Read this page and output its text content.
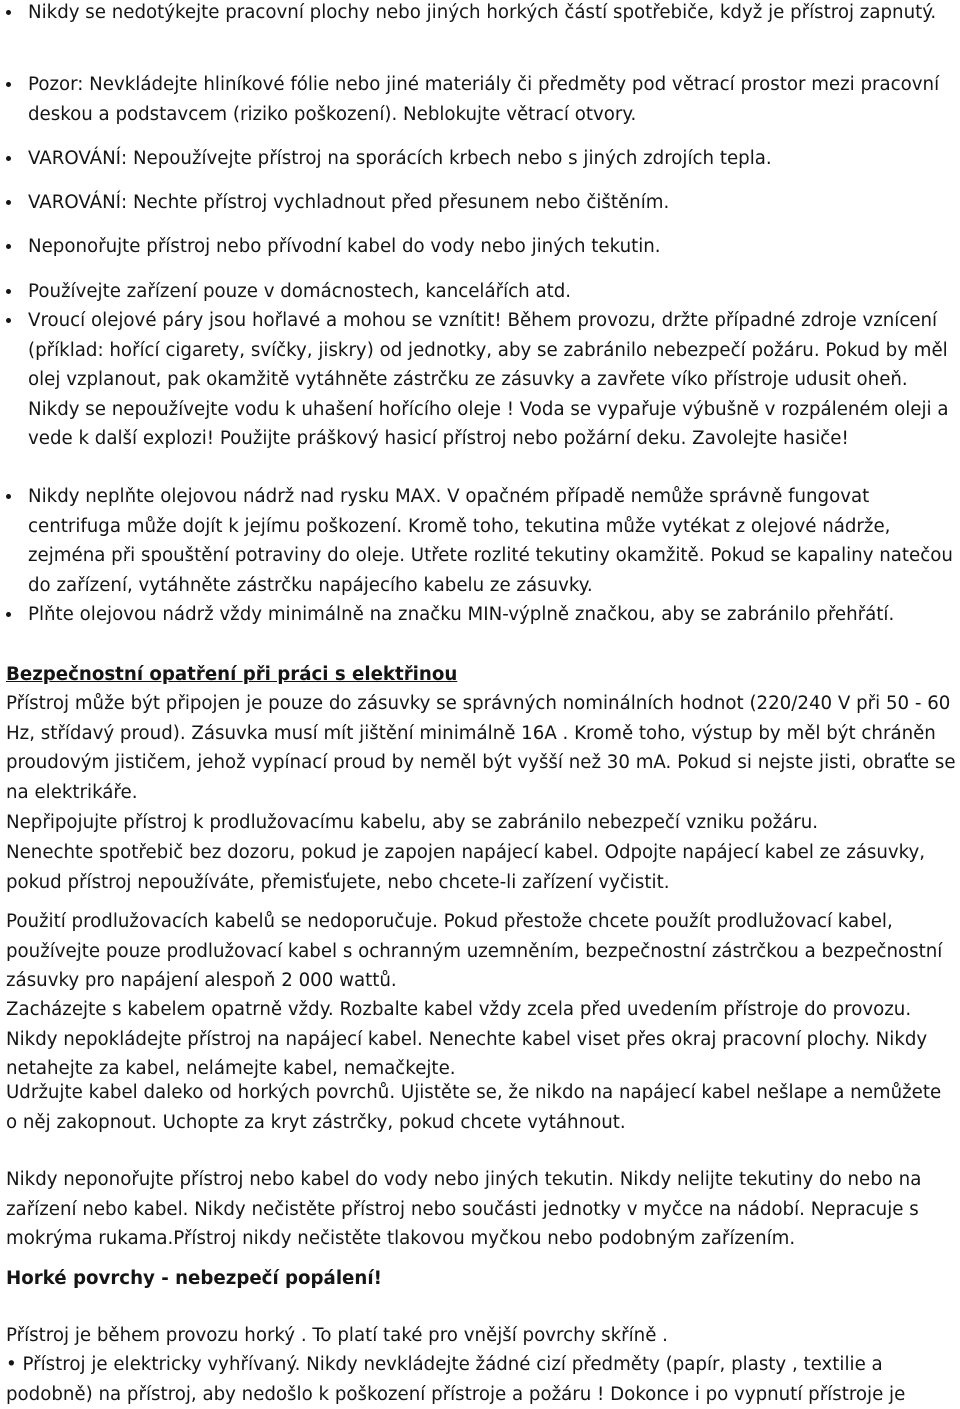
Nikdy se nedotýkejte pracovní plochy nebo jiných horkých částí spotřebiče, když je přístroj zapnutý.
Pozor: Nevkládejte hliníkové fólie nebo jiné materiály či předměty pod větrací prostor mezi pracovní deskou a podstavcem (riziko poškození). Neblokujte větrací otvory.
VAROVÁNÍ: Nepoužívejte přístroj na sporácích krbech nebo s jiných zdrojích tepla.
VAROVÁNÍ: Nechte přístroj vychladnout před přesunem nebo čištěním.
Neponořujte přístroj nebo přívodní kabel do vody nebo jiných tekutin.
Používejte zařízení pouze v domácnostech, kancelářích atd.
Vroucí olejové páry jsou hořlavé a mohou se vznítit! Během provozu, držte případné zdroje vznícení (příklad: hořící cigarety, svíčky, jiskry) od jednotky, aby se zabránilo nebezpečí požáru. Pokud by měl olej vzplanout, pak okamžitě vytáhněte zástrčku ze zásuvky a zavřete víko přístroje udusit oheň. Nikdy se nepoužívejte vodu k uhašení hořícího oleje ! Voda se vypařuje výbušně v rozpáleném oleji a vede k další explozi! Použijte práškový hasicí přístroj nebo požární deku. Zavolejte hasiče!
Nikdy neplňte olejovou nádrž nad rysku MAX. V opačném případě nemůže správně fungovat centrifuga může dojít k jejímu poškození. Kromě toho, tekutina může vytékat z olejové nádrže, zejména při spouštění potraviny do oleje. Utřete rozlité tekutiny okamžitě. Pokud se kapaliny natečou do zařízení, vytáhněte zástrčku napájecího kabelu ze zásuvky.
Plňte olejovou nádrž vždy minimálně na značku MIN-výplně značkou, aby se zabránilo přehřátí.
Bezpečnostní opatření při práci s elektřinou
Přístroj může být připojen je pouze do zásuvky se správných nominálních hodnot (220/240 V při 50 - 60 Hz, střídavý proud). Zásuvka musí mít jištění minimálně 16A . Kromě toho, výstup by měl být chráněn proudovým jističem, jehož vypínací proud by neměl být vyšší než 30 mA. Pokud si nejste jisti, obraťte se na elektrikáře.
Nepřipojujte přístroj k prodlužovacímu kabelu, aby se zabránilo nebezpečí vzniku požáru.
Nenechte spotřebič bez dozoru, pokud je zapojen napájecí kabel. Odpojte napájecí kabel ze zásuvky, pokud přístroj nepoužíváte, přemisťujete, nebo chcete-li zařízení vyčistit.
Použití prodlužovacích kabelů se nedoporučuje. Pokud přestože chcete použít prodlužovací kabel, používejte pouze prodlužovací kabel s ochranným uzemněním, bezpečnostní zástrčkou a bezpečnostní zásuvky pro napájení alespoň 2 000 wattů.
Zacházejte s kabelem opatrně vždy. Rozbalte kabel vždy zcela před uvedením přístroje do provozu. Nikdy nepokládejte přístroj na napájecí kabel. Nenechte kabel viset přes okraj pracovní plochy. Nikdy netahejte za kabel, nelámejte kabel, nemačkejte.
Udržujte kabel daleko od horkých povrchů. Ujistěte se, že nikdo na napájecí kabel nešlape a nemůžete o něj zakopnout. Uchopte za kryt zástrčky, pokud chcete vytáhnout.
Nikdy neponořujte přístroj nebo kabel do vody nebo jiných tekutin. Nikdy nelijte tekutiny do nebo na zařízení nebo kabel. Nikdy nečistěte přístroj nebo součásti jednotky v myčce na nádobí. Nepracuje s mokrýma rukama.Přístroj nikdy nečistěte tlakovou myčkou nebo podobným zařízením.
Horké povrchy - nebezpečí popálení!
Přístroj je během provozu horký . To platí také pro vnější povrchy skříně .
• Přístroj je elektricky vyhřívaný. Nikdy nevkládejte žádné cizí předměty (papír, plasty , textilie a podobně) na přístroj, aby nedošlo k poškození přístroje a požáru ! Dokonce i po vypnutí přístroje je
